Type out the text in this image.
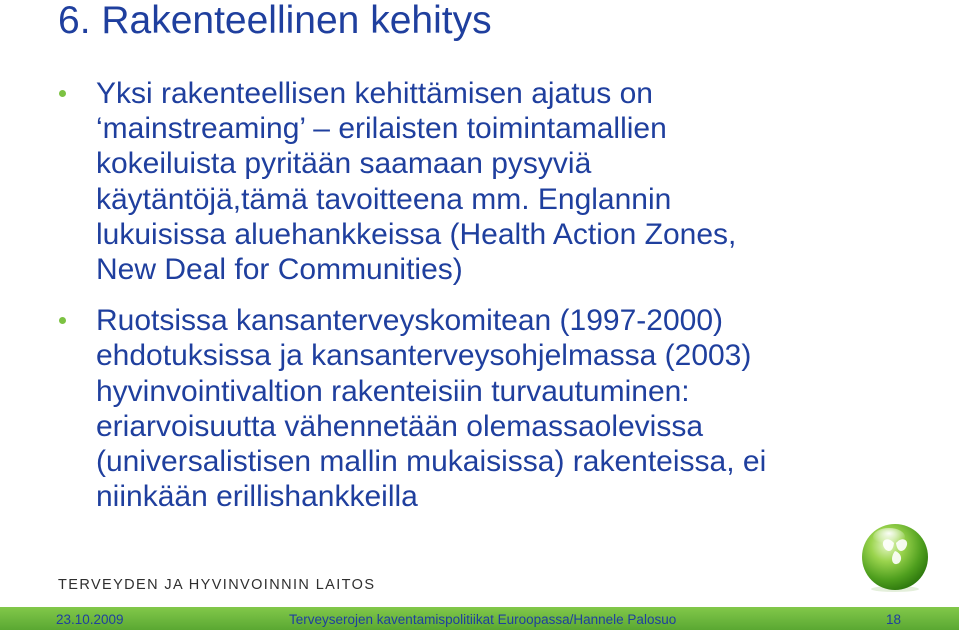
6. Rakenteellinen kehitys
Yksi rakenteellisen kehittämisen ajatus on
‘mainstreaming’ – erilaisten toimintamallien
kokeiluista pyritään saamaan pysyviä
käytäntöjä,tämä tavoitteena mm. Englannin
lukuisissa aluehankkeissa (Health Action Zones,
New Deal for Communities)
Ruotsissa kansanterveyskomitean (1997-2000)
ehdotuksissa ja kansanterveysohjelmassa (2003)
hyvinvointivaltion rakenteisiin turvautuminen:
eriarvoisuutta vähennetään olemassaolevissa
(universalistisen mallin mukaisissa) rakenteissa, ei
niinkään erillishankkeilla
TERVEYDEN JA HYVINVOINNIN LAITOS
23.10.2009	Terveyserojen kaventamispolitiikat Euroopassa/Hannele Palosuo	18
